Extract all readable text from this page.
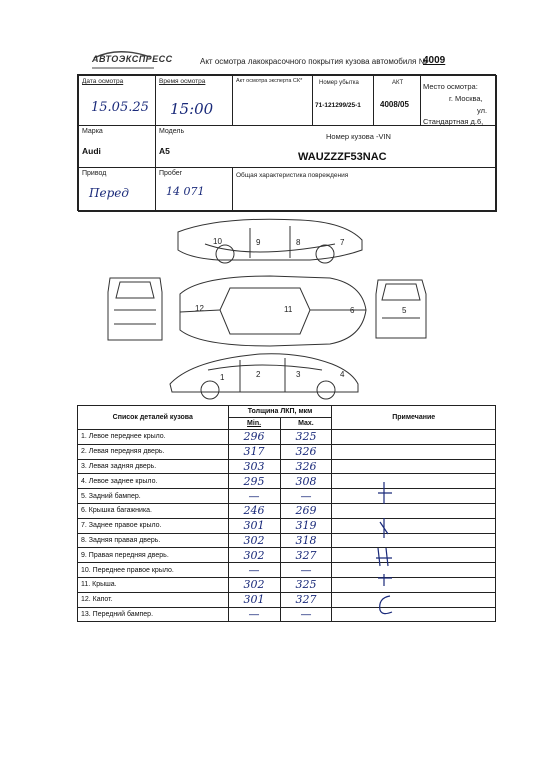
АВТОЭКСПРЕСС	Акт осмотра лакокрасочного покрытия кузова автомобиля №
4009
Дата осмотра
15.05.25
Время осмотра
15:00
Акт осмотра эксперта СК*	Номер убытка
71-121299/25-1
АКТ
4008/05
Место осмотра:
г. Москва,
ул.
Стандартная д.6,
Марка
Audi
Модель
A5
Номер кузова -VIN
WAUZZZF53NAC
Привод
Перед
Пробег
14 071
Общая характеристика повреждения
10	9	8	7
12	11	6	5
1	2	3	4
Список деталей кузова	Толщина ЛКП, мкм		Примечание
	Min.	Max.	
1. Левое переднее крыло.	296	325	
2. Левая передняя дверь.	317	326	
3. Левая задняя дверь.	303	326	
4. Левое заднее крыло.	295	308	
5. Задний бампер.	—	—	
6. Крышка багажника.	246	269	
7. Заднее правое крыло.	301	319	
8. Задняя правая дверь.	302	318	
9. Правая передняя дверь.	302	327	
10. Переднее правое крыло.	—	—	
11. Крыша.	302	325	
12. Капот.	301	327	
13. Передний бампер.	—	—	
